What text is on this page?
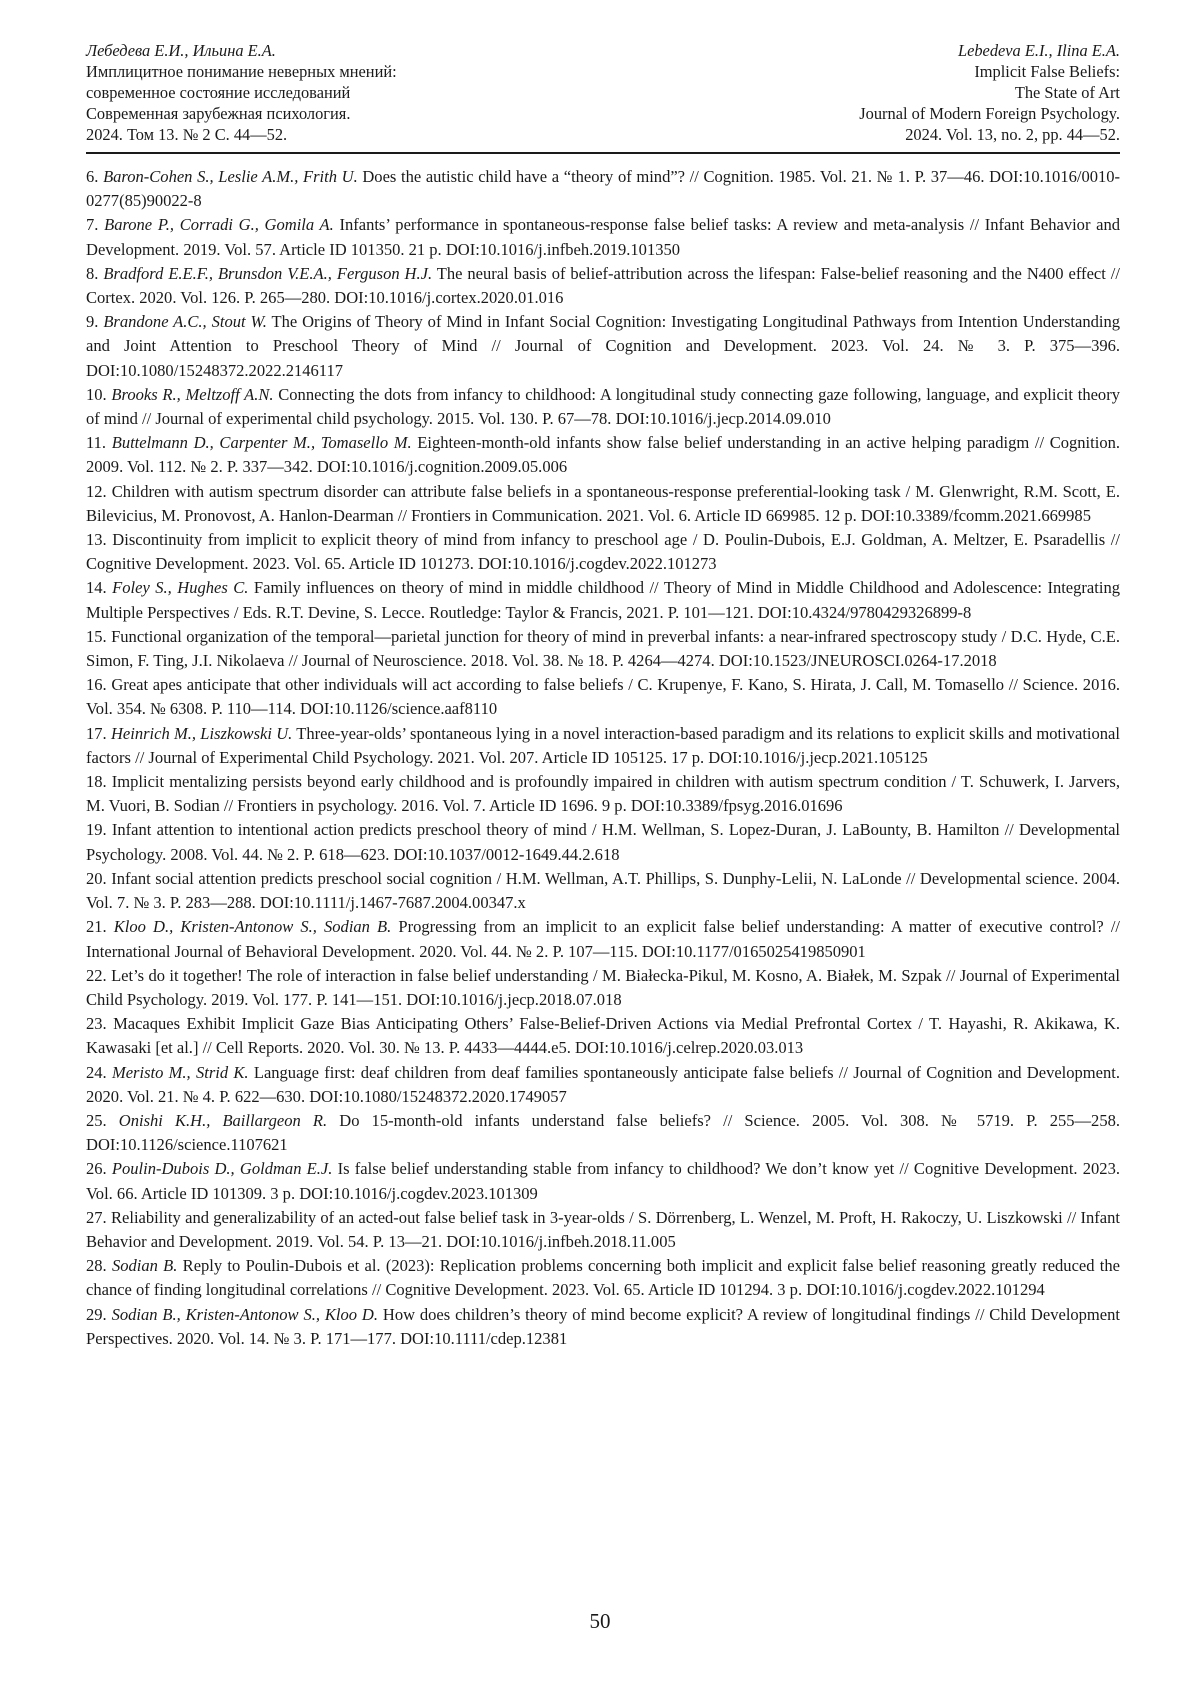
Лебедева Е.И., Ильина Е.А.
Имплицитное понимание неверных мнений:
современное состояние исследований
Современная зарубежная психология.
2024. Том 13. № 2 С. 44—52.
Lebedeva E.I., Ilina E.A.
Implicit False Beliefs:
The State of Art
Journal of Modern Foreign Psychology.
2024. Vol. 13, no. 2, pp. 44—52.

6. Baron-Cohen S., Leslie A.M., Frith U. Does the autistic child have a “theory of mind”? // Cognition. 1985. Vol. 21. № 1. P. 37—46. DOI:10.1016/0010-0277(85)90022-8

7. Barone P., Corradi G., Gomila A. Infants’ performance in spontaneous-response false belief tasks: A review and meta-analysis // Infant Behavior and Development. 2019. Vol. 57. Article ID 101350. 21 p. DOI:10.1016/j.infbeh.2019.101350

8. Bradford E.E.F., Brunsdon V.E.A., Ferguson H.J. The neural basis of belief-attribution across the lifespan: False-belief reasoning and the N400 effect // Cortex. 2020. Vol. 126. P. 265—280. DOI:10.1016/j.cortex.2020.01.016

9. Brandone A.C., Stout W. The Origins of Theory of Mind in Infant Social Cognition: Investigating Longitudinal Pathways from Intention Understanding and Joint Attention to Preschool Theory of Mind // Journal of Cognition and Development. 2023. Vol. 24. № 3. P. 375—396. DOI:10.1080/15248372.2022.2146117

10. Brooks R., Meltzoff A.N. Connecting the dots from infancy to childhood: A longitudinal study connecting gaze following, language, and explicit theory of mind // Journal of experimental child psychology. 2015. Vol. 130. P. 67—78. DOI:10.1016/j.jecp.2014.09.010

11. Buttelmann D., Carpenter M., Tomasello M. Eighteen-month-old infants show false belief understanding in an active helping paradigm // Cognition. 2009. Vol. 112. № 2. P. 337—342. DOI:10.1016/j.cognition.2009.05.006

12. Children with autism spectrum disorder can attribute false beliefs in a spontaneous-response preferential-looking task / M. Glenwright, R.M. Scott, E. Bilevicius, M. Pronovost, A. Hanlon-Dearman // Frontiers in Communication. 2021. Vol. 6. Article ID 669985. 12 p. DOI:10.3389/fcomm.2021.669985

13. Discontinuity from implicit to explicit theory of mind from infancy to preschool age / D. Poulin-Dubois, E.J. Goldman, A. Meltzer, E. Psaradellis // Cognitive Development. 2023. Vol. 65. Article ID 101273. DOI:10.1016/j.cogdev.2022.101273

14. Foley S., Hughes C. Family influences on theory of mind in middle childhood // Theory of Mind in Middle Childhood and Adolescence: Integrating Multiple Perspectives / Eds. R.T. Devine, S. Lecce. Routledge: Taylor & Francis, 2021. P. 101—121. DOI:10.4324/9780429326899-8

15. Functional organization of the temporal—parietal junction for theory of mind in preverbal infants: a near-infrared spectroscopy study / D.C. Hyde, C.E. Simon, F. Ting, J.I. Nikolaeva // Journal of Neuroscience. 2018. Vol. 38. № 18. P. 4264—4274. DOI:10.1523/JNEUROSCI.0264-17.2018

16. Great apes anticipate that other individuals will act according to false beliefs / C. Krupenye, F. Kano, S. Hirata, J. Call, M. Tomasello // Science. 2016. Vol. 354. № 6308. P. 110—114. DOI:10.1126/science.aaf8110

17. Heinrich M., Liszkowski U. Three-year-olds’ spontaneous lying in a novel interaction-based paradigm and its relations to explicit skills and motivational factors // Journal of Experimental Child Psychology. 2021. Vol. 207. Article ID 105125. 17 p. DOI:10.1016/j.jecp.2021.105125

18. Implicit mentalizing persists beyond early childhood and is profoundly impaired in children with autism spectrum condition / T. Schuwerk, I. Jarvers, M. Vuori, B. Sodian // Frontiers in psychology. 2016. Vol. 7. Article ID 1696. 9 p. DOI:10.3389/fpsyg.2016.01696

19. Infant attention to intentional action predicts preschool theory of mind / H.M. Wellman, S. Lopez-Duran, J. LaBounty, B. Hamilton // Developmental Psychology. 2008. Vol. 44. № 2. P. 618—623. DOI:10.1037/0012-1649.44.2.618

20. Infant social attention predicts preschool social cognition / H.M. Wellman, A.T. Phillips, S. Dunphy-Lelii, N. LaLonde // Developmental science. 2004. Vol. 7. № 3. P. 283—288. DOI:10.1111/j.1467-7687.2004.00347.x

21. Kloo D., Kristen-Antonow S., Sodian B. Progressing from an implicit to an explicit false belief understanding: A matter of executive control? // International Journal of Behavioral Development. 2020. Vol. 44. № 2. P. 107—115. DOI:10.1177/0165025419850901

22. Let’s do it together! The role of interaction in false belief understanding / M. Białecka-Pikul, M. Kosno, A. Białek, M. Szpak // Journal of Experimental Child Psychology. 2019. Vol. 177. P. 141—151. DOI:10.1016/j.jecp.2018.07.018

23. Macaques Exhibit Implicit Gaze Bias Anticipating Others’ False-Belief-Driven Actions via Medial Prefrontal Cortex / T. Hayashi, R. Akikawa, K. Kawasaki [et al.] // Cell Reports. 2020. Vol. 30. № 13. P. 4433—4444.e5. DOI:10.1016/j.celrep.2020.03.013

24. Meristo M., Strid K. Language first: deaf children from deaf families spontaneously anticipate false beliefs // Journal of Cognition and Development. 2020. Vol. 21. № 4. P. 622—630. DOI:10.1080/15248372.2020.1749057

25. Onishi K.H., Baillargeon R. Do 15-month-old infants understand false beliefs? // Science. 2005. Vol. 308. № 5719. P. 255—258. DOI:10.1126/science.1107621

26. Poulin-Dubois D., Goldman E.J. Is false belief understanding stable from infancy to childhood? We don’t know yet // Cognitive Development. 2023. Vol. 66. Article ID 101309. 3 p. DOI:10.1016/j.cogdev.2023.101309

27. Reliability and generalizability of an acted-out false belief task in 3-year-olds / S. Dörrenberg, L. Wenzel, M. Proft, H. Rakoczy, U. Liszkowski // Infant Behavior and Development. 2019. Vol. 54. P. 13—21. DOI:10.1016/j.infbeh.2018.11.005

28. Sodian B. Reply to Poulin-Dubois et al. (2023): Replication problems concerning both implicit and explicit false belief reasoning greatly reduced the chance of finding longitudinal correlations // Cognitive Development. 2023. Vol. 65. Article ID 101294. 3 p. DOI:10.1016/j.cogdev.2022.101294

29. Sodian B., Kristen-Antonow S., Kloo D. How does children’s theory of mind become explicit? A review of longitudinal findings // Child Development Perspectives. 2020. Vol. 14. № 3. P. 171—177. DOI:10.1111/cdep.12381

50
